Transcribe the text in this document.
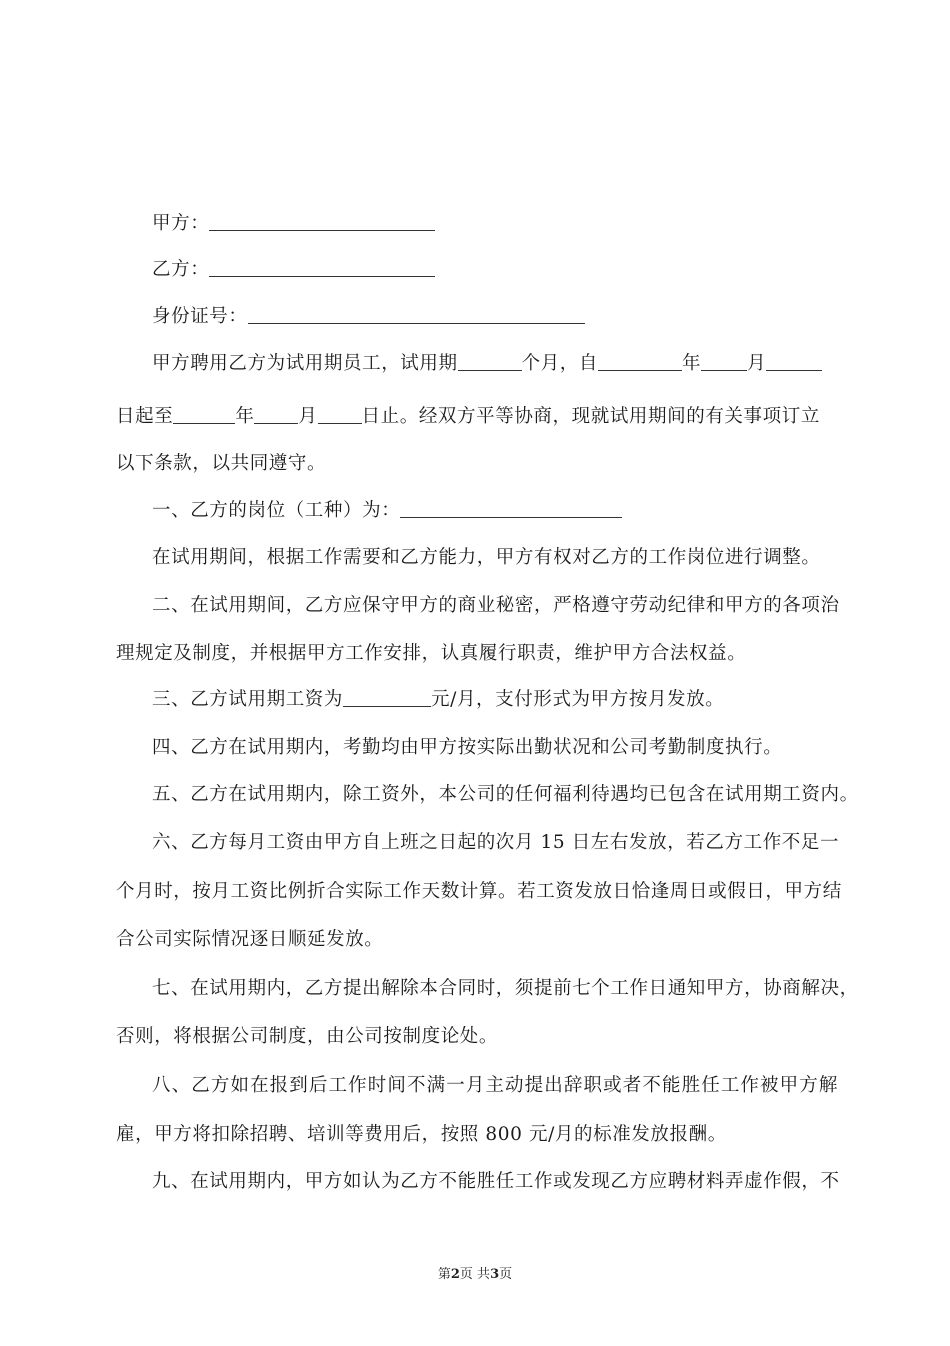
甲方：
乙方：
身份证号：
甲方聘用乙方为试用期员工，试用期	个月，自	年 月
日起至	年 月 日止。经双方平等协商，现就试用期间的有关事项订立
以下条款，以共同遵守。
一、乙方的岗位（工种）为：
在试用期间，根据工作需要和乙方能力，甲方有权对乙方的工作岗位进行调整。
二、在试用期间，乙方应保守甲方的商业秘密，严格遵守劳动纪律和甲方的各项治
理规定及制度，并根据甲方工作安排，认真履行职责，维护甲方合法权益。
三、乙方试用期工资为	元/月，支付形式为甲方按月发放。
四、乙方在试用期内，考勤均由甲方按实际出勤状况和公司考勤制度执行。
五、乙方在试用期内，除工资外，本公司的任何福利待遇均已包含在试用期工资内。
六、乙方每月工资由甲方自上班之日起的次月 15 日左右发放，若乙方工作不足一
个月时，按月工资比例折合实际工作天数计算。若工资发放日恰逢周日或假日，甲方结
合公司实际情况逐日顺延发放。
七、在试用期内，乙方提出解除本合同时，须提前七个工作日通知甲方，协商解决，
否则，将根据公司制度，由公司按制度论处。
八、乙方如在报到后工作时间不满一月主动提出辞职或者不能胜任工作被甲方解
雇，甲方将扣除招聘、培训等费用后，按照 800 元/月的标准发放报酬。
九、在试用期内，甲方如认为乙方不能胜任工作或发现乙方应聘材料弄虚作假，不
第2页 共3页
